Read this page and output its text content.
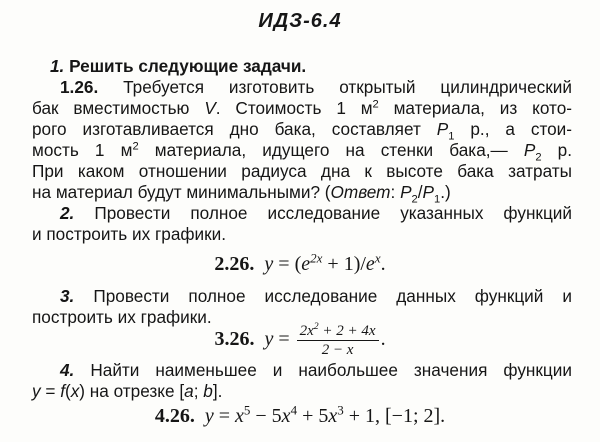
ИДЗ-6.4
1. Решить следующие задачи.
1.26. Требуется изготовить открытый цилиндрический
бак вместимостью V. Стоимость 1 $м^2$ материала, из кото-
рого изготавливается дно бака, составляет $P_1$ р., а стои-
мость 1 $м^2$ материала, идущего на стенки бака,— $P_2$ р.
При каком отношении радиуса дна к высоте бака затраты
на материал будут минимальными? (Ответ: $P_2/P_1$.)
2. Провести полное исследование указанных функций
и построить их графики.
2.26. $y = (e^{2x} + 1)/e^x$.
3. Провести полное исследование данных функций и
построить их графики.
3.26. $y = \frac{2x^2 + 2 + 4x}{2 - x}$ .
4. Найти наименьшее и наибольшее значения функции
y = f(x) на отрезке [a; b].
4.26. $y = x^5 - 5x^4 + 5x^3 + 1$, [−1; 2].
